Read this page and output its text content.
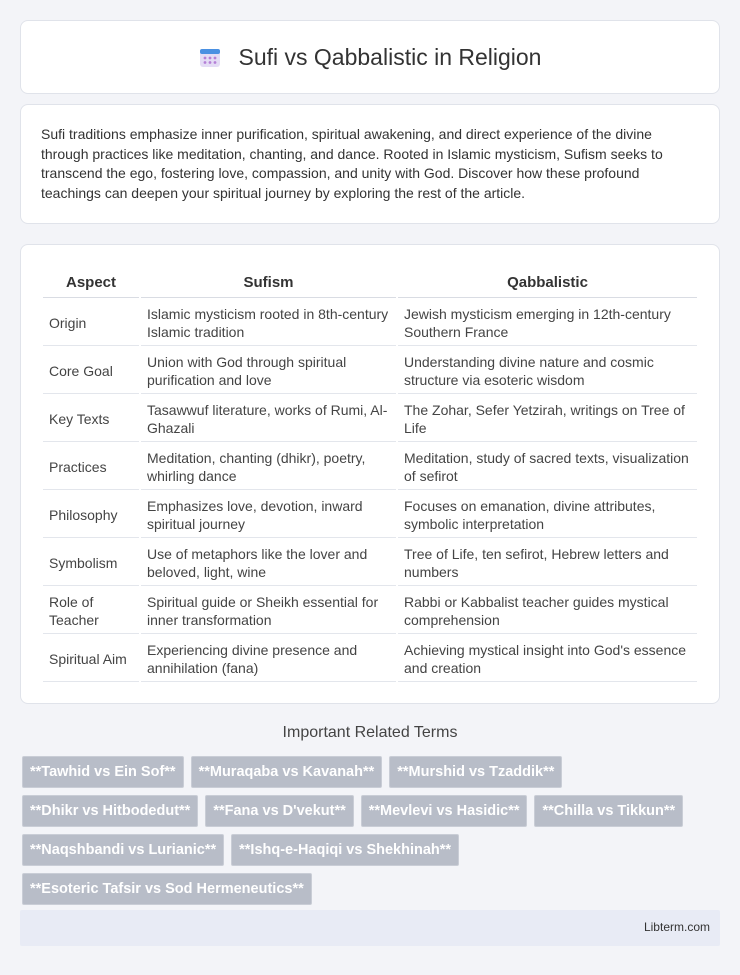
Sufi vs Qabbalistic in Religion

Sufi traditions emphasize inner purification, spiritual awakening, and direct experience of the divine through practices like meditation, chanting, and dance. Rooted in Islamic mysticism, Sufism seeks to transcend the ego, fostering love, compassion, and unity with God. Discover how these profound teachings can deepen your spiritual journey by exploring the rest of the article.

Aspect	Sufism	Qabbalistic
Origin	Islamic mysticism rooted in 8th-century Islamic tradition	Jewish mysticism emerging in 12th-century Southern France
Core Goal	Union with God through spiritual purification and love	Understanding divine nature and cosmic structure via esoteric wisdom
Key Texts	Tasawwuf literature, works of Rumi, Al-Ghazali	The Zohar, Sefer Yetzirah, writings on Tree of Life
Practices	Meditation, chanting (dhikr), poetry, whirling dance	Meditation, study of sacred texts, visualization of sefirot
Philosophy	Emphasizes love, devotion, inward spiritual journey	Focuses on emanation, divine attributes, symbolic interpretation
Symbolism	Use of metaphors like the lover and beloved, light, wine	Tree of Life, ten sefirot, Hebrew letters and numbers
Role of Teacher	Spiritual guide or Sheikh essential for inner transformation	Rabbi or Kabbalist teacher guides mystical comprehension
Spiritual Aim	Experiencing divine presence and annihilation (fana)	Achieving mystical insight into God's essence and creation
Important Related Terms
**Tawhid vs Ein Sof**	**Muraqaba vs Kavanah**	**Murshid vs Tzaddik**
**Dhikr vs Hitbodedut**	**Fana vs D'vekut**	**Mevlevi vs Hasidic**	**Chilla vs Tikkun**
**Naqshbandi vs Lurianic**	**Ishq-e-Haqiqi vs Shekhinah**
**Esoteric Tafsir vs Sod Hermeneutics**
Libterm.com
